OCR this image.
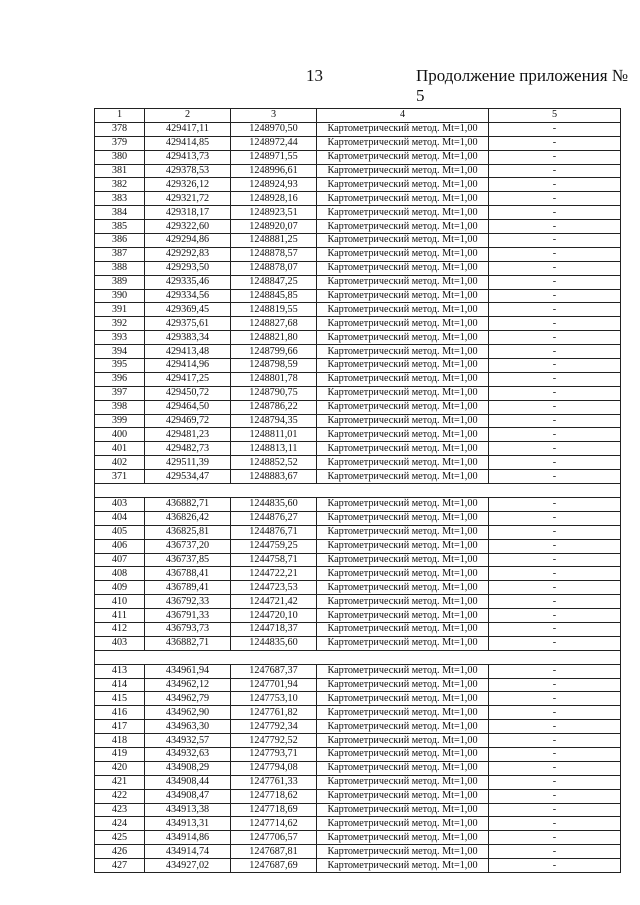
13	Продолжение приложения № 5
1	2	3	4	5
378	429417,11	1248970,50	Картометрический метод. Mt=1,00	-
379	429414,85	1248972,44	Картометрический метод. Mt=1,00	-
380	429413,73	1248971,55	Картометрический метод. Mt=1,00	-
381	429378,53	1248996,61	Картометрический метод. Mt=1,00	-
382	429326,12	1248924,93	Картометрический метод. Mt=1,00	-
383	429321,72	1248928,16	Картометрический метод. Mt=1,00	-
384	429318,17	1248923,51	Картометрический метод. Mt=1,00	-
385	429322,60	1248920,07	Картометрический метод. Mt=1,00	-
386	429294,86	1248881,25	Картометрический метод. Mt=1,00	-
387	429292,83	1248878,57	Картометрический метод. Mt=1,00	-
388	429293,50	1248878,07	Картометрический метод. Mt=1,00	-
389	429335,46	1248847,25	Картометрический метод. Mt=1,00	-
390	429334,56	1248845,85	Картометрический метод. Mt=1,00	-
391	429369,45	1248819,55	Картометрический метод. Mt=1,00	-
392	429375,61	1248827,68	Картометрический метод. Mt=1,00	-
393	429383,34	1248821,80	Картометрический метод. Mt=1,00	-
394	429413,48	1248799,66	Картометрический метод. Mt=1,00	-
395	429414,96	1248798,59	Картометрический метод. Mt=1,00	-
396	429417,25	1248801,78	Картометрический метод. Mt=1,00	-
397	429450,72	1248790,75	Картометрический метод. Mt=1,00	-
398	429464,50	1248786,22	Картометрический метод. Mt=1,00	-
399	429469,72	1248794,35	Картометрический метод. Mt=1,00	-
400	429481,23	1248811,01	Картометрический метод. Mt=1,00	-
401	429482,73	1248813,11	Картометрический метод. Mt=1,00	-
402	429511,39	1248852,52	Картометрический метод. Mt=1,00	-
371	429534,47	1248883,67	Картометрический метод. Mt=1,00	-

403	436882,71	1244835,60	Картометрический метод. Mt=1,00	-
404	436826,42	1244876,27	Картометрический метод. Mt=1,00	-
405	436825,81	1244876,71	Картометрический метод. Mt=1,00	-
406	436737,20	1244759,25	Картометрический метод. Mt=1,00	-
407	436737,85	1244758,71	Картометрический метод. Mt=1,00	-
408	436788,41	1244722,21	Картометрический метод. Mt=1,00	-
409	436789,41	1244723,53	Картометрический метод. Mt=1,00	-
410	436792,33	1244721,42	Картометрический метод. Mt=1,00	-
411	436791,33	1244720,10	Картометрический метод. Mt=1,00	-
412	436793,73	1244718,37	Картометрический метод. Mt=1,00	-
403	436882,71	1244835,60	Картометрический метод. Mt=1,00	-

413	434961,94	1247687,37	Картометрический метод. Mt=1,00	-
414	434962,12	1247701,94	Картометрический метод. Mt=1,00	-
415	434962,79	1247753,10	Картометрический метод. Mt=1,00	-
416	434962,90	1247761,82	Картометрический метод. Mt=1,00	-
417	434963,30	1247792,34	Картометрический метод. Mt=1,00	-
418	434932,57	1247792,52	Картометрический метод. Mt=1,00	-
419	434932,63	1247793,71	Картометрический метод. Mt=1,00	-
420	434908,29	1247794,08	Картометрический метод. Mt=1,00	-
421	434908,44	1247761,33	Картометрический метод. Mt=1,00	-
422	434908,47	1247718,62	Картометрический метод. Mt=1,00	-
423	434913,38	1247718,69	Картометрический метод. Mt=1,00	-
424	434913,31	1247714,62	Картометрический метод. Mt=1,00	-
425	434914,86	1247706,57	Картометрический метод. Mt=1,00	-
426	434914,74	1247687,81	Картометрический метод. Mt=1,00	-
427	434927,02	1247687,69	Картометрический метод. Mt=1,00	-
